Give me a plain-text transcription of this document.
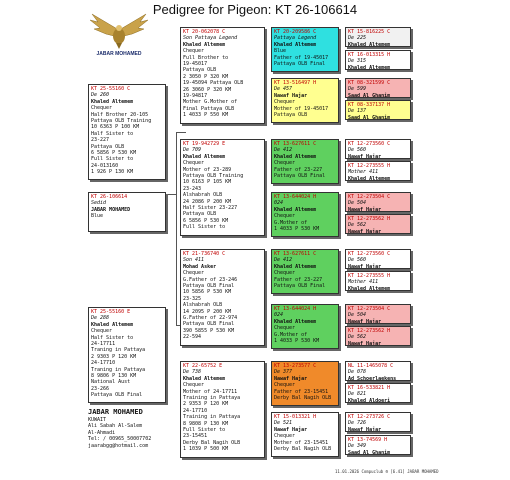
Pedigree for Pigeon: KT 26-106614
JABAR MOHAMED
KT 26-106614
Sedid
JABAR MOHAMED
Blue
KT 25-55160 C
De 260
Khaled Altemem
Chequer
Half Brother 20-105
Pattaya OLB Training
10 6363 P 100 KM
Half Sister to
23-227
Pattaya OLB
6 5856 P 530 KM
Full Sister to
24-013160
1 926 P 130 KM
KT 25-55160 E
De 288
Khaled Altemem
Chequer
Half Sister to
24-17711
Traning in Pattaya
2 9303 P 120 KM
24-17710
Traning in Pattaya
8 9806 P 130 KM
National Aust
23-266
Pattaya OLB Final
KT 20-062078 C
Son Pattaya Legend
Khaled Altemem
Chequer
Full Brother to
19-45017
Pattaya OLB
2 3050 P 320 KM
19-45094 Pattaya OLB
26 3060 P 320 KM
19-94817
Mother G.Mother of
Final Pattaya OLB
1 4033 P 550 KM
KT 19-942729 E
De 709
Khaled Altemem
Chequer
Mother of 23-289
Pattaya OLB Training
10 6163 P 105 KM
23-243
Alshabrah OLB
24 2086 P 200 KM
Half Sister 23-227
Pattaya OLB
6 5856 P 530 KM
Full Sister to
KT 21-736740 C
Son 411
Mohad Asker
Chequer
G.Father of 23-246
Pattaya OLB Final
10 5856 P 530 KM
23-325
Alshabrah OLB
14 2095 P 200 KM
G.Father of 22-974
Pattaya OLB Final
390 5855 P 530 KM
22-594
KT 22-65752 E
De 738
Khaled Altemem
Chequer
Mother of 24-17711
Training in Pattaya
2 9353 P 120 KM
24-17710
Training in Pattaya
8 9808 P 130 KM
Full Sister to
23-15451
Derby Bal Nagih OLB
1 1039 P 500 KM
KT 20-209586 C
Pattaya Legend
Khaled Altemem
Blue
Father of 19-45017
Pattaya OLB Final
KT 13-516497 H
De 457
Nawaf Hajar
Chequer
Mother of 19-45017
Pattaya OLB
KT 13-627611 C
De 412
Khaled Altemem
Chequer
Father of 23-227
Pattaya OLB Final
KT 13-644024 H
024
Khaled Altemem
Chequer
G.Mother of
1 4033 P 530 KM
KT 13-627611 C
De 412
Khaled Altemem
Chequer
Father of 23-227
Pattaya OLB Final
KT 13-644024 H
024
Khaled Altemem
Chequer
G.Mother of
1 4033 P 530 KM
KT 13-273577 C
De 377
Nawaf Hajar
Chequer
Father of 23-15451
Derby Bal Nagih OLB
KT 15-013321 H
De 521
Nawaf Hajar
Chequer
Mother of 23-15451
Derby Bal Nagih OLB
KT 15-816225 C
De 225
Khaled Altemem
KT 16-013315 H
De 315
Khaled Altemem
KT 08-321599 C
De 599
Saad Al Ghanim
KT 08-337137 H
De 137
Saad Al Ghanim
KT 12-273560 C
De 560
Nawaf Hajar
KT 12-273555 H
Mother 411
Khaled Altemem
KT 12-273504 C
De 504
Nawaf Hajar
KT 12-273562 H
De 562
Nawaf Hajar
KT 12-273560 C
De 560
Nawaf Hajar
KT 12-273555 H
Mother 411
Khaled Altemem
KT 12-273504 C
De 504
Nawaf Hajar
KT 12-273562 H
De 562
Nawaf Hajar
NL 11-1465078 C
De 078
Ad Schoerlaekens
KT 16-533821 H
De 821
Khaled Aldoeri
KT 12-273726 C
De 726
Nawaf Hajar
KT 13-74569 H
De 349
Saad Al Ghanim
JABAR MOHAMED
KUWAIT
Ali Sabah Al-Salem
Al-Ahmadi
Tel: / 00965_50007702
jaarabgg@hotmail.com
11.01.2026 Compuclub ® [6.41] JABAR MOHAMED
